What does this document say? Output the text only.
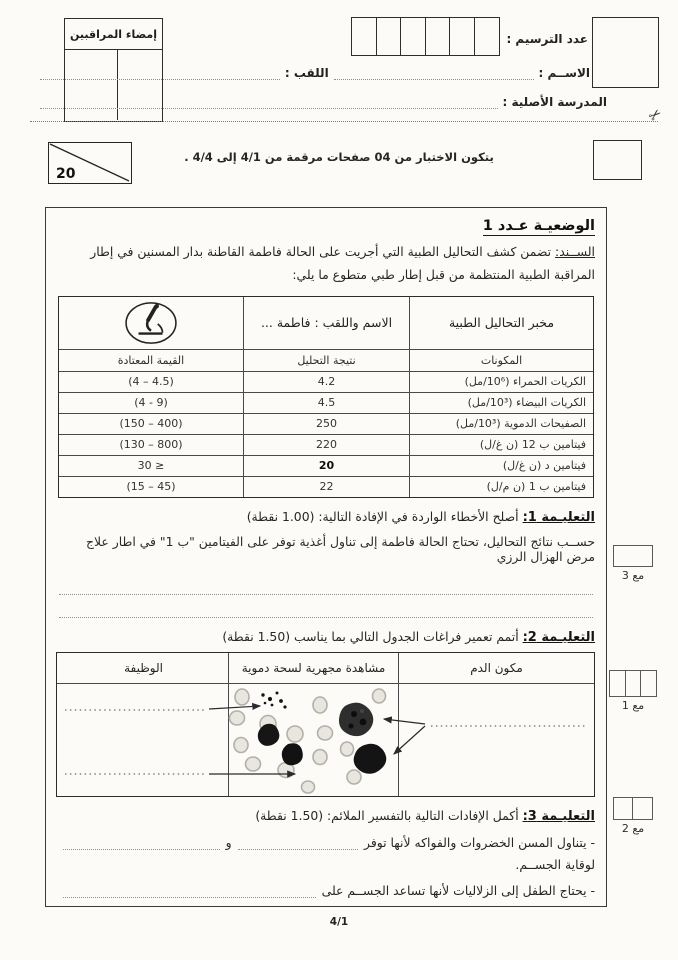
إمضاء المراقبين	عدد الترسيم :
الاســم :
اللقب :
المدرسة الأصلية :
✂
يتكون الاختبار من 04 صفحات مرقمة من 4/1 إلى 4/4 .
20
الوضعيـة عـدد 1
الســند: تضمن كشف التحاليل الطبية التي أجريت على الحالة فاطمة القاطنة بدار المسنين في إطار المراقبة الطبية المنتظمة من قبل إطار طبي متطوع ما يلي:
مخبر التحاليل الطبية
الاسم واللقب : فاطمة ...
المكونات
نتيجة التحليل
القيمة المعتادة
الكريات الحمراء (10⁶/مل)
4.2
(4.5 – 4)
الكريات البيضاء (10³/مل)
4.5
(9 - 4)
الصفيحات الدموية (10³/مل)
250
(400 – 150)
فيتامين ب 12 (ن غ/ل)
220
(800 – 130)
فيتامين د (ن غ/ل)
20
≤ 30
فيتامين ب 1 (ن م/ل)
22
(45 – 15)
التعليـمة 1: أصلح الأخطاء الواردة في الإفادة التالية: (1.00 نقطة)
حســب نتائج التحاليل، تحتاج الحالة فاطمة إلى تناول أغذية توفر على الفيتامين "ب 1" في اطار علاج مرض الهزال الرزي
التعليـمة 2: أتمم تعمير فراغات الجدول التالي بما يناسب (1.50 نقطة)
مكون الدم
مشاهدة مجهرية لسحة دموية
الوظيفة
التعليـمة 3: أكمل الإفادات التالية بالتفسير الملائم: (1.50 نقطة)
- يتناول المسن الخضروات والفواكه لأنها توفر
و
لوقاية الجســم.
- يحتاج الطفل إلى الزلاليات لأنها تساعد الجســم على
مع 3
مع 1
مع 2
4/1
